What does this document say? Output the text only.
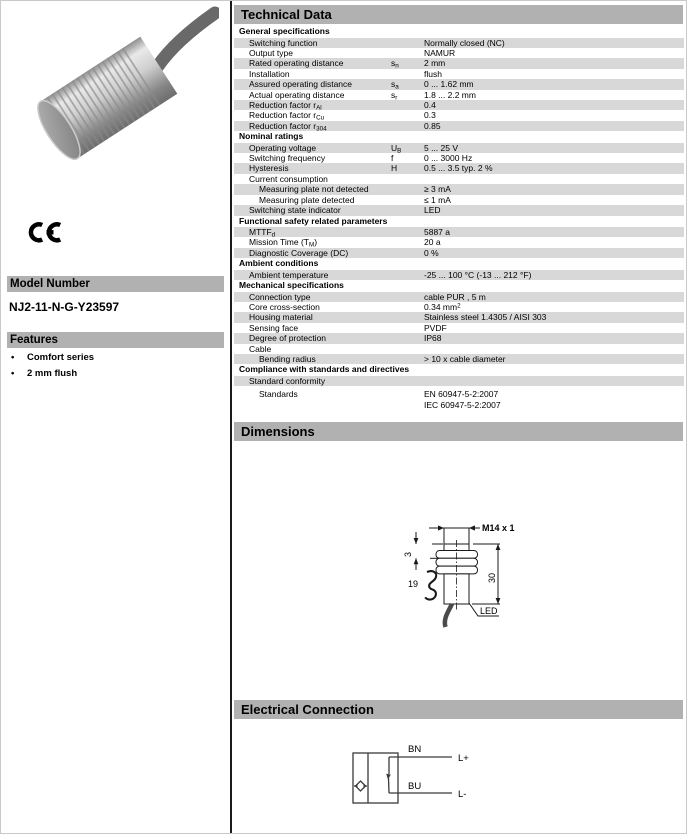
Model Number
NJ2-11-N-G-Y23597
Features
•	Comfort series
•	2 mm flush
Technical Data
General specifications
Switching function	Normally closed (NC)
Output type	NAMUR
Rated operating distance	$s_n$	2 mm
Installation	flush
Assured operating distance	$s_a$	0 ... 1.62 mm
Actual operating distance	$s_r$	1.8 ... 2.2 mm
Reduction factor $r_{Al}$	0.4
Reduction factor $r_{Cu}$	0.3
Reduction factor $r_{304}$	0.85
Nominal ratings
Operating voltage	$U_B$	5 ... 25 V
Switching frequency	f	0 ... 3000 Hz
Hysteresis	H	0.5 ... 3.5 typ. 2 %
Current consumption
Measuring plate not detected	≥ 3 mA
Measuring plate detected	≤ 1 mA
Switching state indicator	LED
Functional safety related parameters
$MTTF_d$	5887 a
Mission Time $(T_M)$	20 a
Diagnostic Coverage (DC)	0 %
Ambient conditions
Ambient temperature	-25 ... 100 °C (-13 ... 212 °F)
Mechanical specifications
Connection type	cable PUR , 5 m
Core cross-section	0.34 $mm^2$
Housing material	Stainless steel 1.4305 / AISI 303
Sensing face	PVDF
Degree of protection	IP68
Cable
Bending radius	> 10 x cable diameter
Compliance with standards and directives
Standard conformity
Standards	EN 60947-5-2:2007
IEC 60947-5-2:2007
Dimensions
M14 x 1
3
19
30
LED
Electrical Connection
BN
BU
L+
L-
